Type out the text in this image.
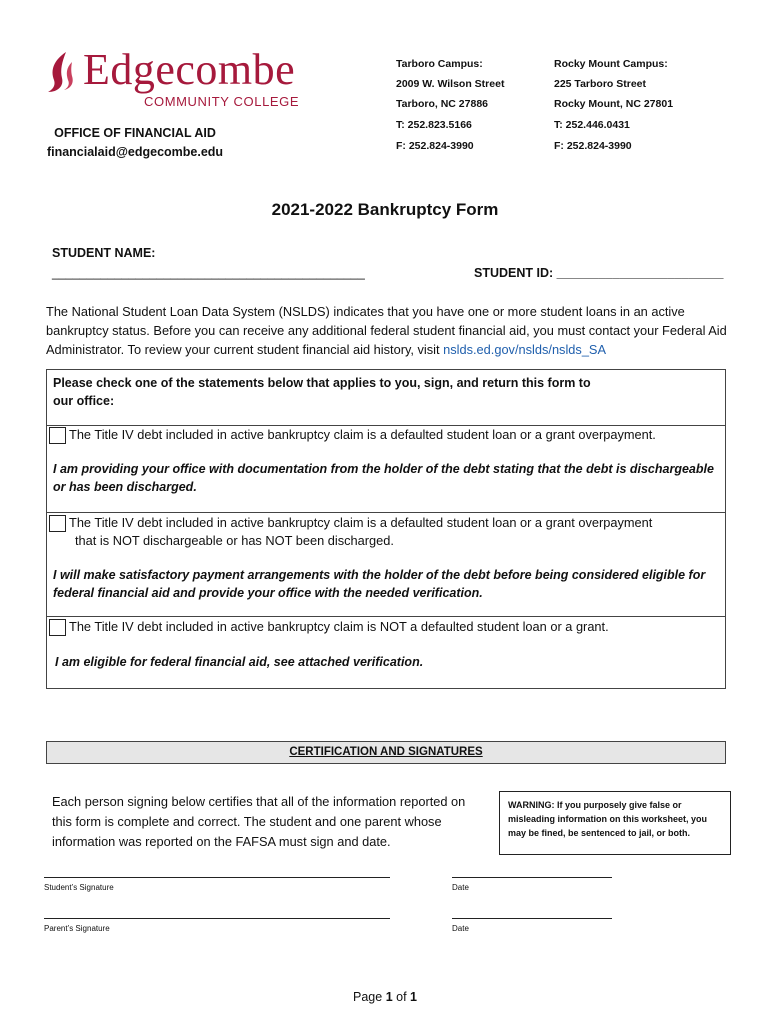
Edgecombe
COMMUNITY COLLEGE
OFFICE OF FINANCIAL AID
financialaid@edgecombe.edu
Tarboro Campus:
2009 W. Wilson Street
Tarboro, NC 27886
T: 252.823.5166
F: 252.824-3990
Rocky Mount Campus:
225 Tarboro Street
Rocky Mount, NC 27801
T: 252.446.0431
F: 252.824-3990
2021-2022 Bankruptcy Form
STUDENT NAME:
_____________________________________________	STUDENT ID: ________________________
The National Student Loan Data System (NSLDS) indicates that you have one or more student loans in an active bankruptcy status. Before you can receive any additional federal student financial aid, you must contact your Federal Aid Administrator. To review your current student financial aid history, visit nslds.ed.gov/nslds/nslds_SA
Please check one of the statements below that applies to you, sign, and return this form to our office:
The Title IV debt included in active bankruptcy claim is a defaulted student loan or a grant overpayment.
I am providing your office with documentation from the holder of the debt stating that the debt is dischargeable or has been discharged.
The Title IV debt included in active bankruptcy claim is a defaulted student loan or a grant overpayment
that is NOT dischargeable or has NOT been discharged.
I will make satisfactory payment arrangements with the holder of the debt before being considered eligible for federal financial aid and provide your office with the needed verification.
The Title IV debt included in active bankruptcy claim is NOT a defaulted student loan or a grant.
I am eligible for federal financial aid, see attached verification.
CERTIFICATION AND SIGNATURES
Each person signing below certifies that all of the information reported on this form is complete and correct. The student and one parent whose information was reported on the FAFSA must sign and date.
WARNING: If you purposely give false or misleading information on this worksheet, you may be fined, be sentenced to jail, or both.
Student’s Signature	Date
Parent’s Signature	Date
Page 1 of 1
